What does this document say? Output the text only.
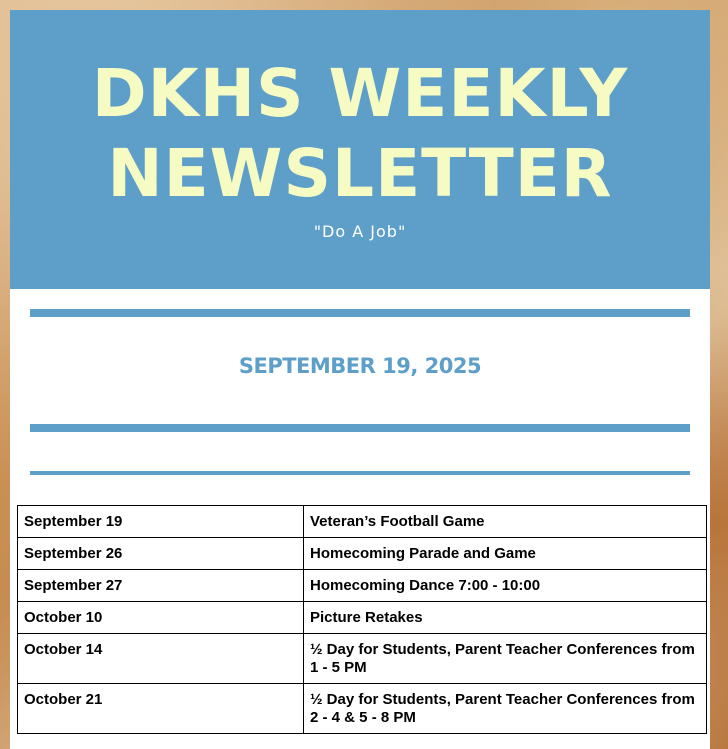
DKHS WEEKLY
NEWSLETTER
"Do A Job"
SEPTEMBER 19, 2025
September 19	Veteran’s Football Game
September 26	Homecoming Parade and Game
September 27	Homecoming Dance 7:00 - 10:00
October 10	Picture Retakes
October 14	½ Day for Students, Parent Teacher Conferences from 1 - 5 PM
October 21	½ Day for Students, Parent Teacher Conferences from 2 - 4 & 5 - 8 PM
